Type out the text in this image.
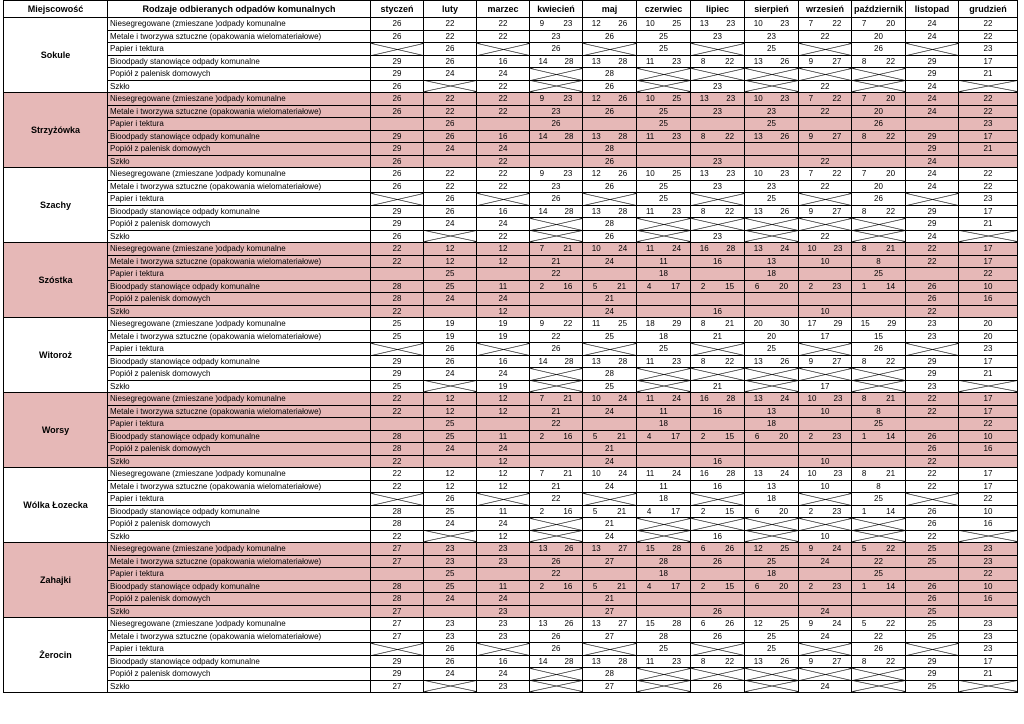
Miejscowość	Rodzaje odbieranych odpadów komunalnych	styczeń	luty	marzec	kwiecień	maj	czerwiec	lipiec	sierpień	wrzesień	październik	listopad	grudzień
Sokule	Niesegregowane (zmieszane )odpady komunalne	26	22	22	9 23	12 26	10 25	13 23	10 23	7 22	7 20	24	22
	Metale i tworzywa sztuczne (opakowania wielomateriałowe)	26	22	22	23	26	25	23	23	22	20	24	22
	Papier i tektura		26		26		25		25		26		23
	Bioodpady stanowiące odpady komunalne	29	26	16	14 28	13 28	11 23	8 22	13 26	9 27	8 22	29	17
	Popiół z palenisk domowych	29	24	24		28						29	21
	Szkło	26		22		26		23		22		24	
Strzyżówka	Niesegregowane (zmieszane )odpady komunalne	26	22	22	9 23	12 26	10 25	13 23	10 23	7 22	7 20	24	22
	Metale i tworzywa sztuczne (opakowania wielomateriałowe)	26	22	22	23	26	25	23	23	22	20	24	22
	Papier i tektura		26		26		25		25		26		23
	Bioodpady stanowiące odpady komunalne	29	26	16	14 28	13 28	11 23	8 22	13 26	9 27	8 22	29	17
	Popiół z palenisk domowych	29	24	24		28						29	21
	Szkło	26		22		26		23		22		24	
Szachy	Niesegregowane (zmieszane )odpady komunalne	26	22	22	9 23	12 26	10 25	13 23	10 23	7 22	7 20	24	22
	Metale i tworzywa sztuczne (opakowania wielomateriałowe)	26	22	22	23	26	25	23	23	22	20	24	22
	Papier i tektura		26		26		25		25		26		23
	Bioodpady stanowiące odpady komunalne	29	26	16	14 28	13 28	11 23	8 22	13 26	9 27	8 22	29	17
	Popiół z palenisk domowych	29	24	24		28						29	21
	Szkło	26		22		26		23		22		24	
Szóstka	Niesegregowane (zmieszane )odpady komunalne	22	12	12	7 21	10 24	11 24	16 28	13 24	10 23	8 21	22	17
	Metale i tworzywa sztuczne (opakowania wielomateriałowe)	22	12	12	21	24	11	16	13	10	8	22	17
	Papier i tektura		25		22		18		18		25		22
	Bioodpady stanowiące odpady komunalne	28	25	11	2 16	5 21	4 17	2 15	6 20	2 23	1 14	26	10
	Popiół z palenisk domowych	28	24	24		21						26	16
	Szkło	22		12		24		16		10		22	
Witoroż	Niesegregowane (zmieszane )odpady komunalne	25	19	19	9 22	11 25	18 29	8 21	20 30	17 29	15 29	23	20
	Metale i tworzywa sztuczne (opakowania wielomateriałowe)	25	19	19	22	25	18	21	20	17	15	23	20
	Papier i tektura		26		26		25		25		26		23
	Bioodpady stanowiące odpady komunalne	29	26	16	14 28	13 28	11 23	8 22	13 26	9 27	8 22	29	17
	Popiół z palenisk domowych	29	24	24		28						29	21
	Szkło	25		19		25		21		17		23	
Worsy	Niesegregowane (zmieszane )odpady komunalne	22	12	12	7 21	10 24	11 24	16 28	13 24	10 23	8 21	22	17
	Metale i tworzywa sztuczne (opakowania wielomateriałowe)	22	12	12	21	24	11	16	13	10	8	22	17
	Papier i tektura		25		22		18		18		25		22
	Bioodpady stanowiące odpady komunalne	28	25	11	2 16	5 21	4 17	2 15	6 20	2 23	1 14	26	10
	Popiół z palenisk domowych	28	24	24		21						26	16
	Szkło	22		12		24		16		10		22	
Wólka Łozecka	Niesegregowane (zmieszane )odpady komunalne	22	12	12	7 21	10 24	11 24	16 28	13 24	10 23	8 21	22	17
	Metale i tworzywa sztuczne (opakowania wielomateriałowe)	22	12	12	21	24	11	16	13	10	8	22	17
	Papier i tektura		26		22		18		18		25		22
	Bioodpady stanowiące odpady komunalne	28	25	11	2 16	5 21	4 17	2 15	6 20	2 23	1 14	26	10
	Popiół z palenisk domowych	28	24	24		21						26	16
	Szkło	22		12		24		16		10		22	
Zahajki	Niesegregowane (zmieszane )odpady komunalne	27	23	23	13 26	13 27	15 28	6 26	12 25	9 24	5 22	25	23
	Metale i tworzywa sztuczne (opakowania wielomateriałowe)	27	23	23	26	27	28	26	25	24	22	25	23
	Papier i tektura		25		22		18		18		25		22
	Bioodpady stanowiące odpady komunalne	28	25	11	2 16	5 21	4 17	2 15	6 20	2 23	1 14	26	10
	Popiół z palenisk domowych	28	24	24		21						26	16
	Szkło	27		23		27		26		24		25	
Żerocin	Niesegregowane (zmieszane )odpady komunalne	27	23	23	13 26	13 27	15 28	6 26	12 25	9 24	5 22	25	23
	Metale i tworzywa sztuczne (opakowania wielomateriałowe)	27	23	23	26	27	28	26	25	24	22	25	23
	Papier i tektura		26		26		25		25		26		23
	Bioodpady stanowiące odpady komunalne	29	26	16	14 28	13 28	11 23	8 22	13 26	9 27	8 22	29	17
	Popiół z palenisk domowych	29	24	24		28						29	21
	Szkło	27		23		27		26		24		25	
